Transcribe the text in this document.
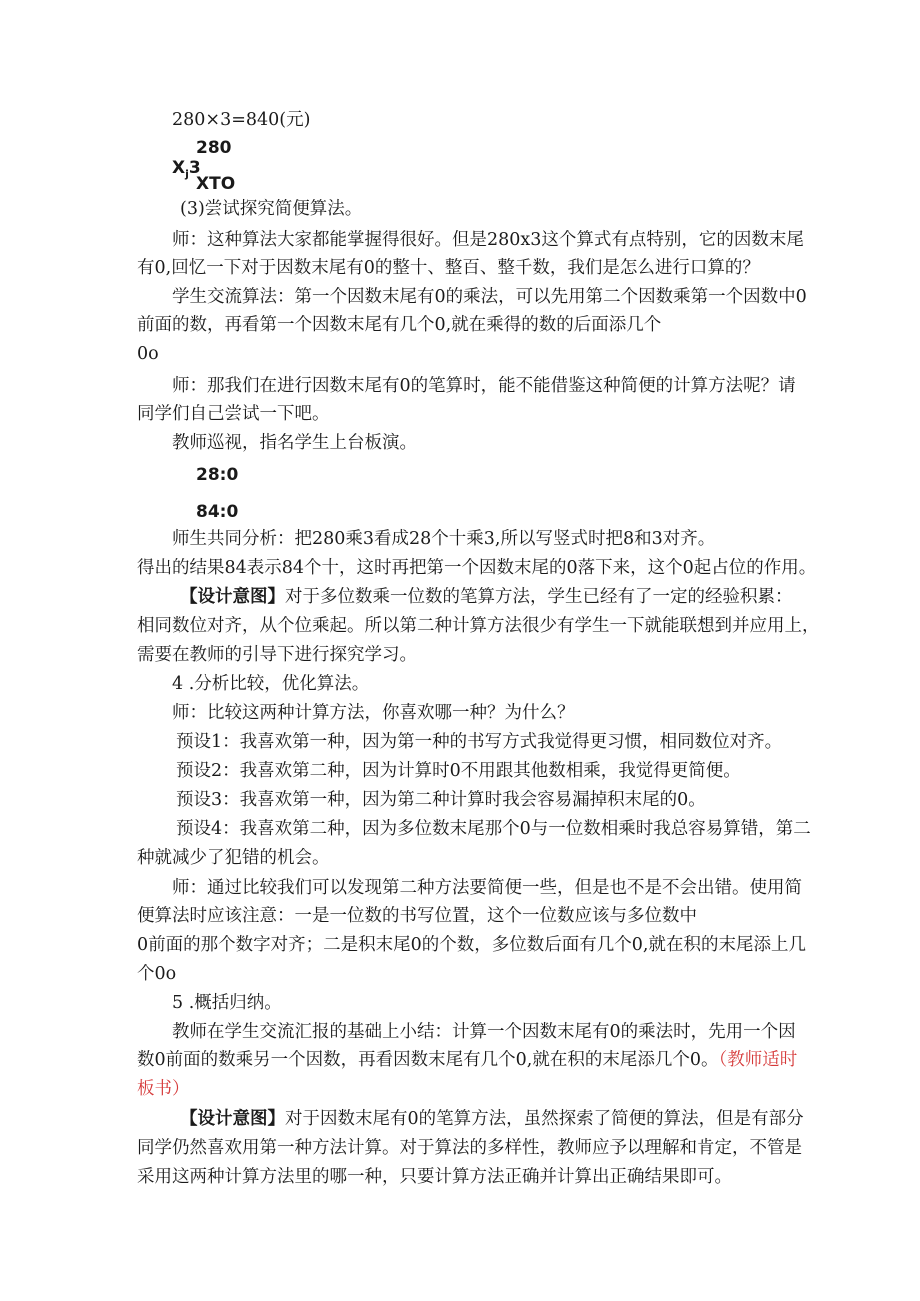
280×3=840(元)
280
$X_j3$
XTO
(3)尝试探究简便算法。
师：这种算法大家都能掌握得很好。但是280x3这个算式有点特别，它的因数末尾
有0,回忆一下对于因数末尾有0的整十、整百、整千数，我们是怎么进行口算的？
学生交流算法：第一个因数末尾有0的乘法，可以先用第二个因数乘第一个因数中0
前面的数，再看第一个因数末尾有几个0,就在乘得的数的后面添几个
0o
师：那我们在进行因数末尾有0的笔算时，能不能借鉴这种简便的计算方法呢？请
同学们自己尝试一下吧。
教师巡视，指名学生上台板演。
28:0
84:0
师生共同分析：把280乘3看成28个十乘3,所以写竖式时把8和3对齐。
得出的结果84表示84个十，这时再把第一个因数末尾的0落下来，这个0起占位的作用。
【设计意图】对于多位数乘一位数的笔算方法，学生已经有了一定的经验积累：
相同数位对齐，从个位乘起。所以第二种计算方法很少有学生一下就能联想到并应用上，
需要在教师的引导下进行探究学习。
4 .分析比较，优化算法。
师：比较这两种计算方法，你喜欢哪一种？为什么？
预设1：我喜欢第一种，因为第一种的书写方式我觉得更习惯，相同数位对齐。
预设2：我喜欢第二种，因为计算时0不用跟其他数相乘，我觉得更简便。
预设3：我喜欢第一种，因为第二种计算时我会容易漏掉积末尾的0。
预设4：我喜欢第二种，因为多位数末尾那个0与一位数相乘时我总容易算错，第二
种就减少了犯错的机会。
师：通过比较我们可以发现第二种方法要简便一些，但是也不是不会出错。使用简
便算法时应该注意：一是一位数的书写位置，这个一位数应该与多位数中
0前面的那个数字对齐；二是积末尾0的个数，多位数后面有几个0,就在积的末尾添上几
个0o
5 .概括归纳。
教师在学生交流汇报的基础上小结：计算一个因数末尾有0的乘法时，先用一个因
数0前面的数乘另一个因数，再看因数末尾有几个0,就在积的末尾添几个0。（教师适时
板书）
【设计意图】对于因数末尾有0的笔算方法，虽然探索了简便的算法，但是有部分
同学仍然喜欢用第一种方法计算。对于算法的多样性，教师应予以理解和肯定，不管是
采用这两种计算方法里的哪一种，只要计算方法正确并计算出正确结果即可。
